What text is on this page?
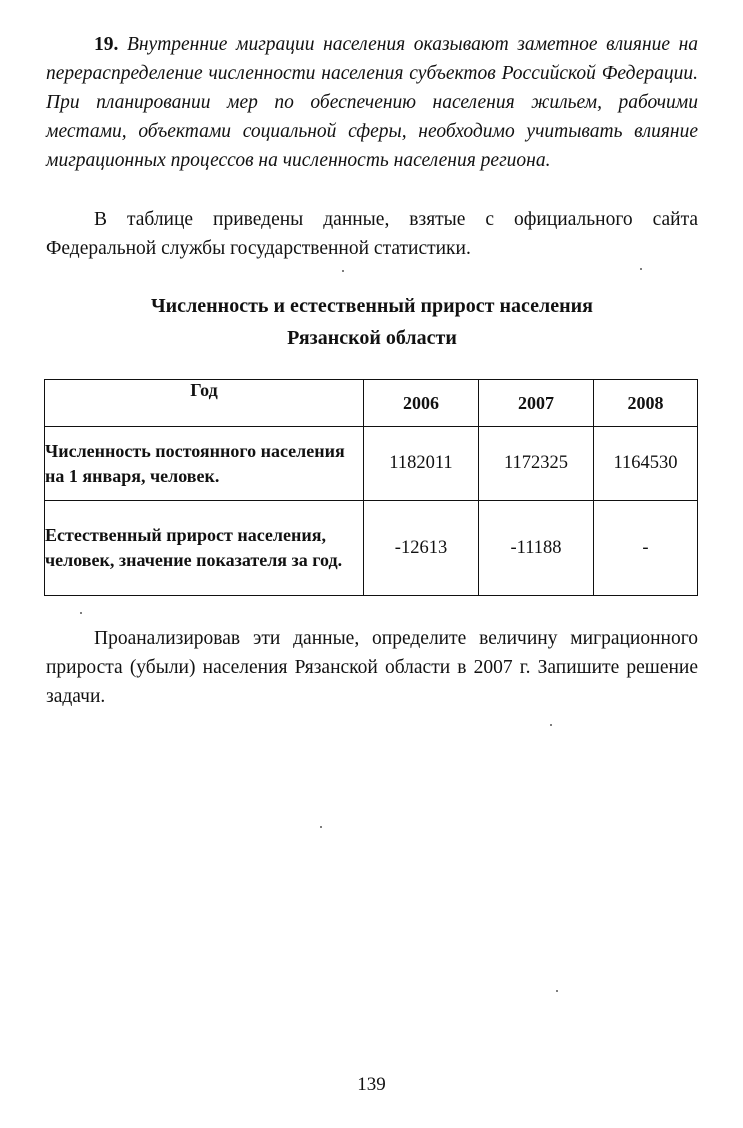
19. Внутренние миграции населения оказывают заметное влияние на перераспределение численности населения субъектов Российской Федерации. При планировании мер по обеспечению населения жильем, рабочими местами, объектами социальной сферы, необходимо учитывать влияние миграционных процессов на численность населения региона.

В таблице приведены данные, взятые с официального сайта Федеральной службы государственной статистики.

Численность и естественный прирост населения
Рязанской области
Год	2006	2007	2008
Численность постоянного населения на 1 января, человек.	1182011	1172325	1164530
Естественный прирост населения, человек, значение показателя за год.	-12613	-11188	-

Проанализировав эти данные, определите величину миграционного прироста (убыли) населения Рязанской области в 2007 г. Запишите решение задачи.

139
